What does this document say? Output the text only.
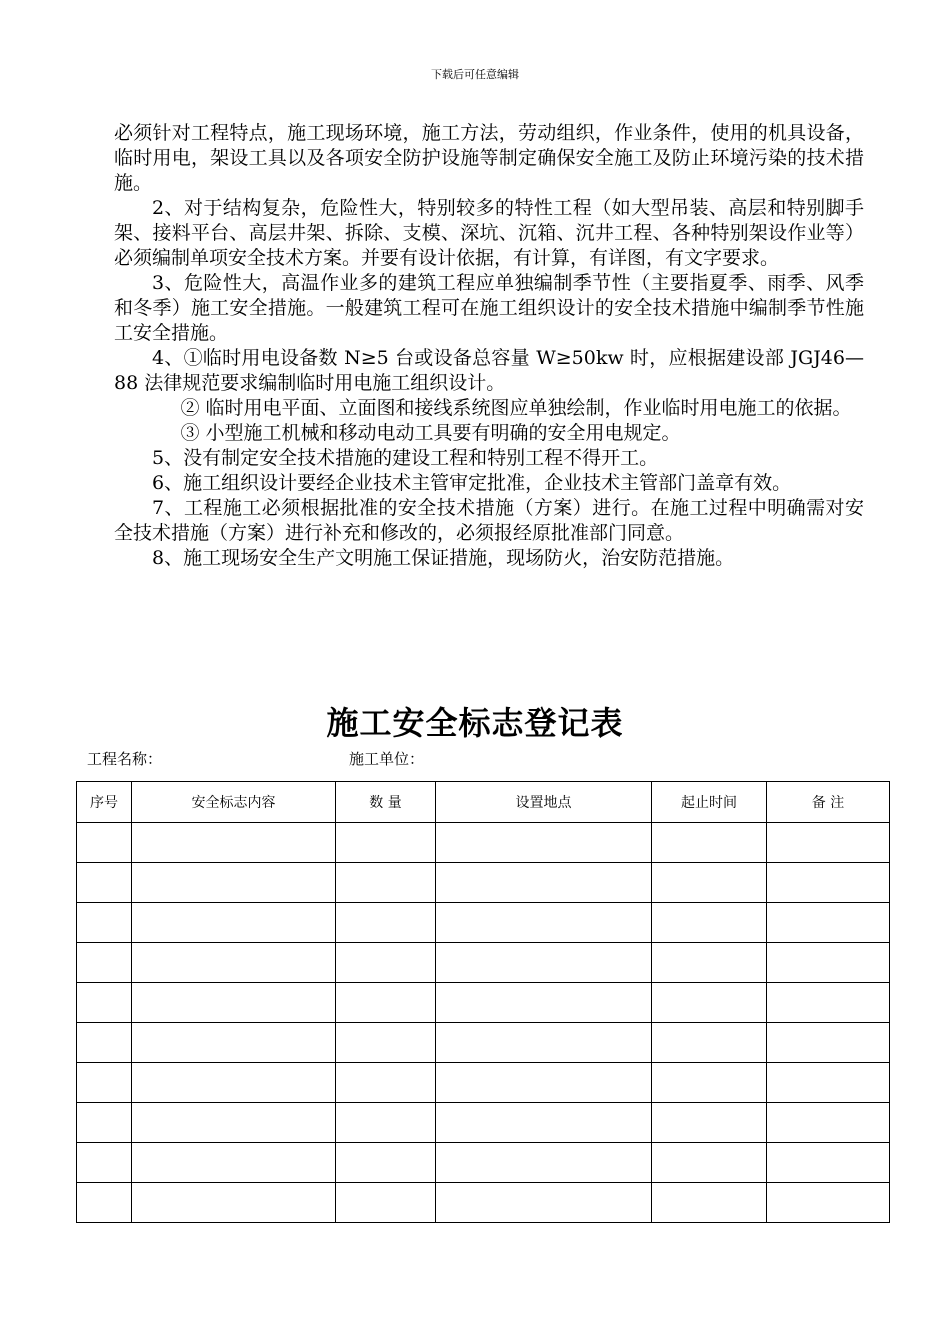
下载后可任意编辑

必须针对工程特点，施工现场环境，施工方法，劳动组织，作业条件，使用的机具设备，临时用电，架设工具以及各项安全防护设施等制定确保安全施工及防止环境污染的技术措施。

2、对于结构复杂，危险性大，特别较多的特性工程（如大型吊装、高层和特别脚手架、接料平台、高层井架、拆除、支模、深坑、沉箱、沉井工程、各种特别架设作业等）必须编制单项安全技术方案。并要有设计依据，有计算，有详图，有文字要求。

3、危险性大，高温作业多的建筑工程应单独编制季节性（主要指夏季、雨季、风季和冬季）施工安全措施。一般建筑工程可在施工组织设计的安全技术措施中编制季节性施工安全措施。

4、①临时用电设备数 N≥5 台或设备总容量 W≥50kw 时，应根据建设部 JGJ46—88 法律规范要求编制临时用电施工组织设计。

② 临时用电平面、立面图和接线系统图应单独绘制，作业临时用电施工的依据。

③ 小型施工机械和移动电动工具要有明确的安全用电规定。

5、没有制定安全技术措施的建设工程和特别工程不得开工。

6、施工组织设计要经企业技术主管审定批准，企业技术主管部门盖章有效。

7、工程施工必须根据批准的安全技术措施（方案）进行。在施工过程中明确需对安全技术措施（方案）进行补充和修改的，必须报经原批准部门同意。

8、施工现场安全生产文明施工保证措施，现场防火，治安防范措施。

施工安全标志登记表
工程名称：	施工单位：
序号	安全标志内容	数 量	设置地点	起止时间	备 注
